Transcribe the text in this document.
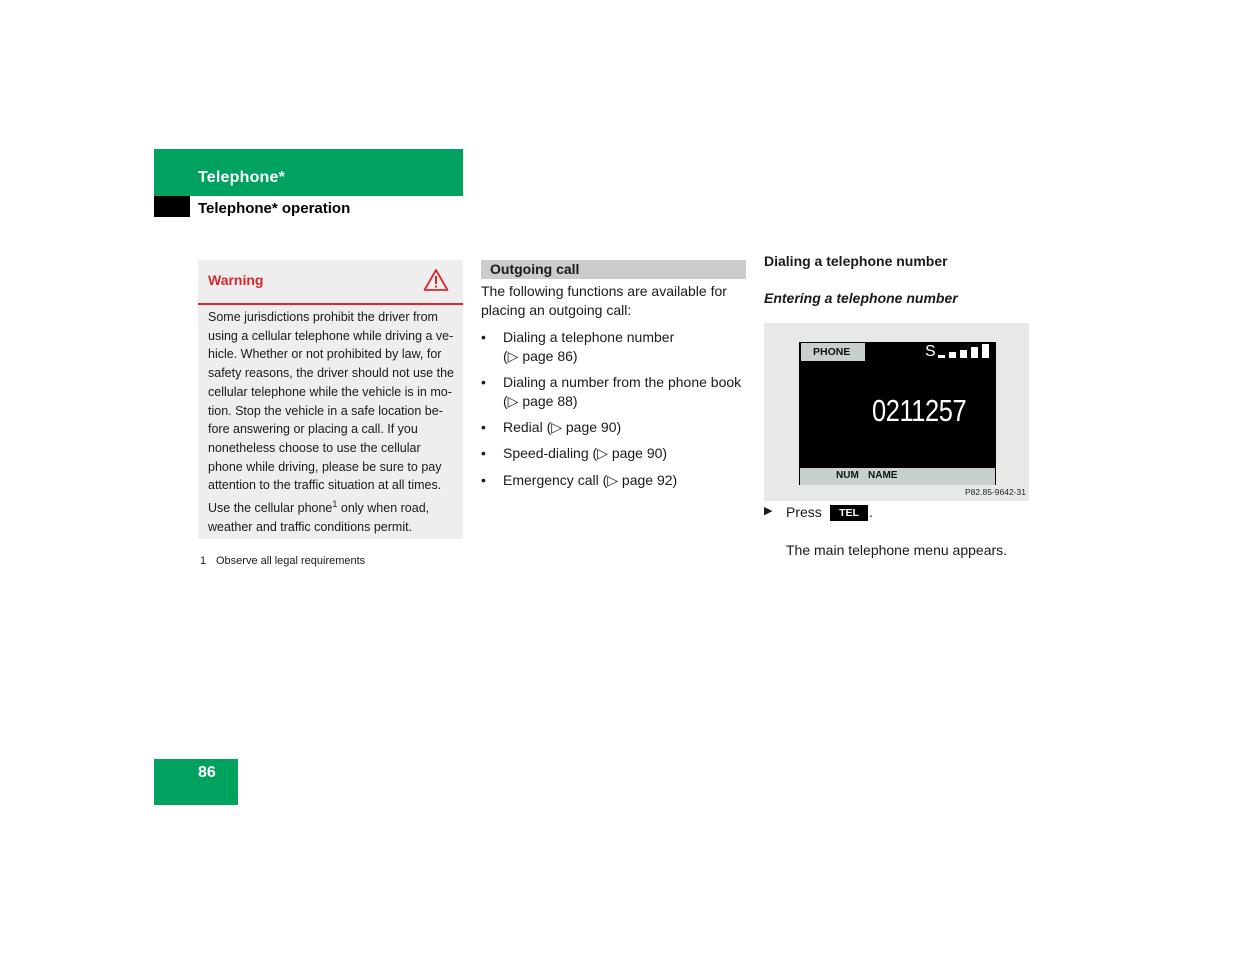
Telephone*
Telephone* operation
Warning
Some jurisdictions prohibit the driver from using a cellular telephone while driving a ve-hicle. Whether or not prohibited by law, for safety reasons, the driver should not use the cellular telephone while the vehicle is in mo-tion. Stop the vehicle in a safe location be-fore answering or placing a call. If you nonetheless choose to use the cellular phone while driving, please be sure to pay attention to the traffic situation at all times. Use the cellular phone$^1$ only when road, weather and traffic conditions permit.
1 Observe all legal requirements
Outgoing call
The following functions are available for placing an outgoing call:
• Dialing a telephone number
(▷ page 86)
• Dialing a number from the phone book
(▷ page 88)
• Redial (▷ page 90)
• Speed-dialing (▷ page 90)
• Emergency call (▷ page 92)
Dialing a telephone number
Entering a telephone number
PHONE	S
0211257
NUM NAME
P82.85-9642-31
▶ Press	TEL .
The main telephone menu appears.
86
